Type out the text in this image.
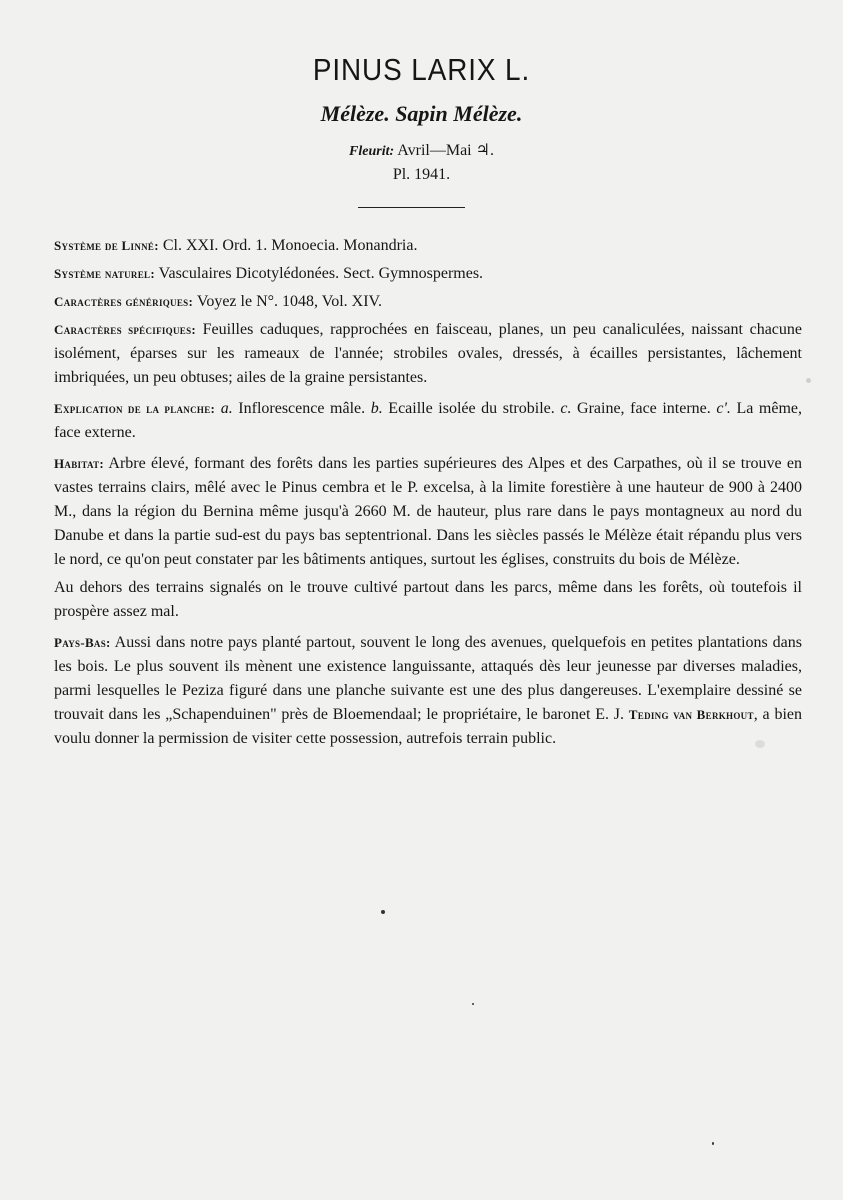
PINUS LARIX L.
Mélèze. Sapin Mélèze.
Fleurit: Avril—Mai ♃.
Pl. 1941.

Système de Linné: Cl. XXI. Ord. 1. Monoecia. Monandria.

Système naturel: Vasculaires Dicotylédonées. Sect. Gymnospermes.

Caractères génériques: Voyez le N°. 1048, Vol. XIV.

Caractères spécifiques: Feuilles caduques, rapprochées en faisceau, planes, un peu canaliculées, naissant chacune isolément, éparses sur les rameaux de l'année; strobiles ovales, dressés, à écailles persistantes, lâchement imbriquées, un peu obtuses; ailes de la graine persistantes.

Explication de la planche: a. Inflorescence mâle. b. Ecaille isolée du strobile. c. Graine, face interne. c'. La même, face externe.

Habitat: Arbre élevé, formant des forêts dans les parties supérieures des Alpes et des Carpathes, où il se trouve en vastes terrains clairs, mêlé avec le Pinus cembra et le P. excelsa, à la limite forestière à une hauteur de 900 à 2400 M., dans la région du Bernina même jusqu'à 2660 M. de hauteur, plus rare dans le pays montagneux au nord du Danube et dans la partie sud-est du pays bas septentrional. Dans les siècles passés le Mélèze était répandu plus vers le nord, ce qu'on peut constater par les bâtiments antiques, surtout les églises, construits du bois de Mélèze.

Au dehors des terrains signalés on le trouve cultivé partout dans les parcs, même dans les forêts, où toutefois il prospère assez mal.

Pays-Bas: Aussi dans notre pays planté partout, souvent le long des avenues, quelquefois en petites plantations dans les bois. Le plus souvent ils mènent une existence languissante, attaqués dès leur jeunesse par diverses maladies, parmi lesquelles le Peziza figuré dans une planche suivante est une des plus dangereuses. L'exemplaire dessiné se trouvait dans les „Schapenduinen" près de Bloemendaal; le propriétaire, le baronet E. J. Teding van Berkhout, a bien voulu donner la permission de visiter cette possession, autrefois terrain public.
